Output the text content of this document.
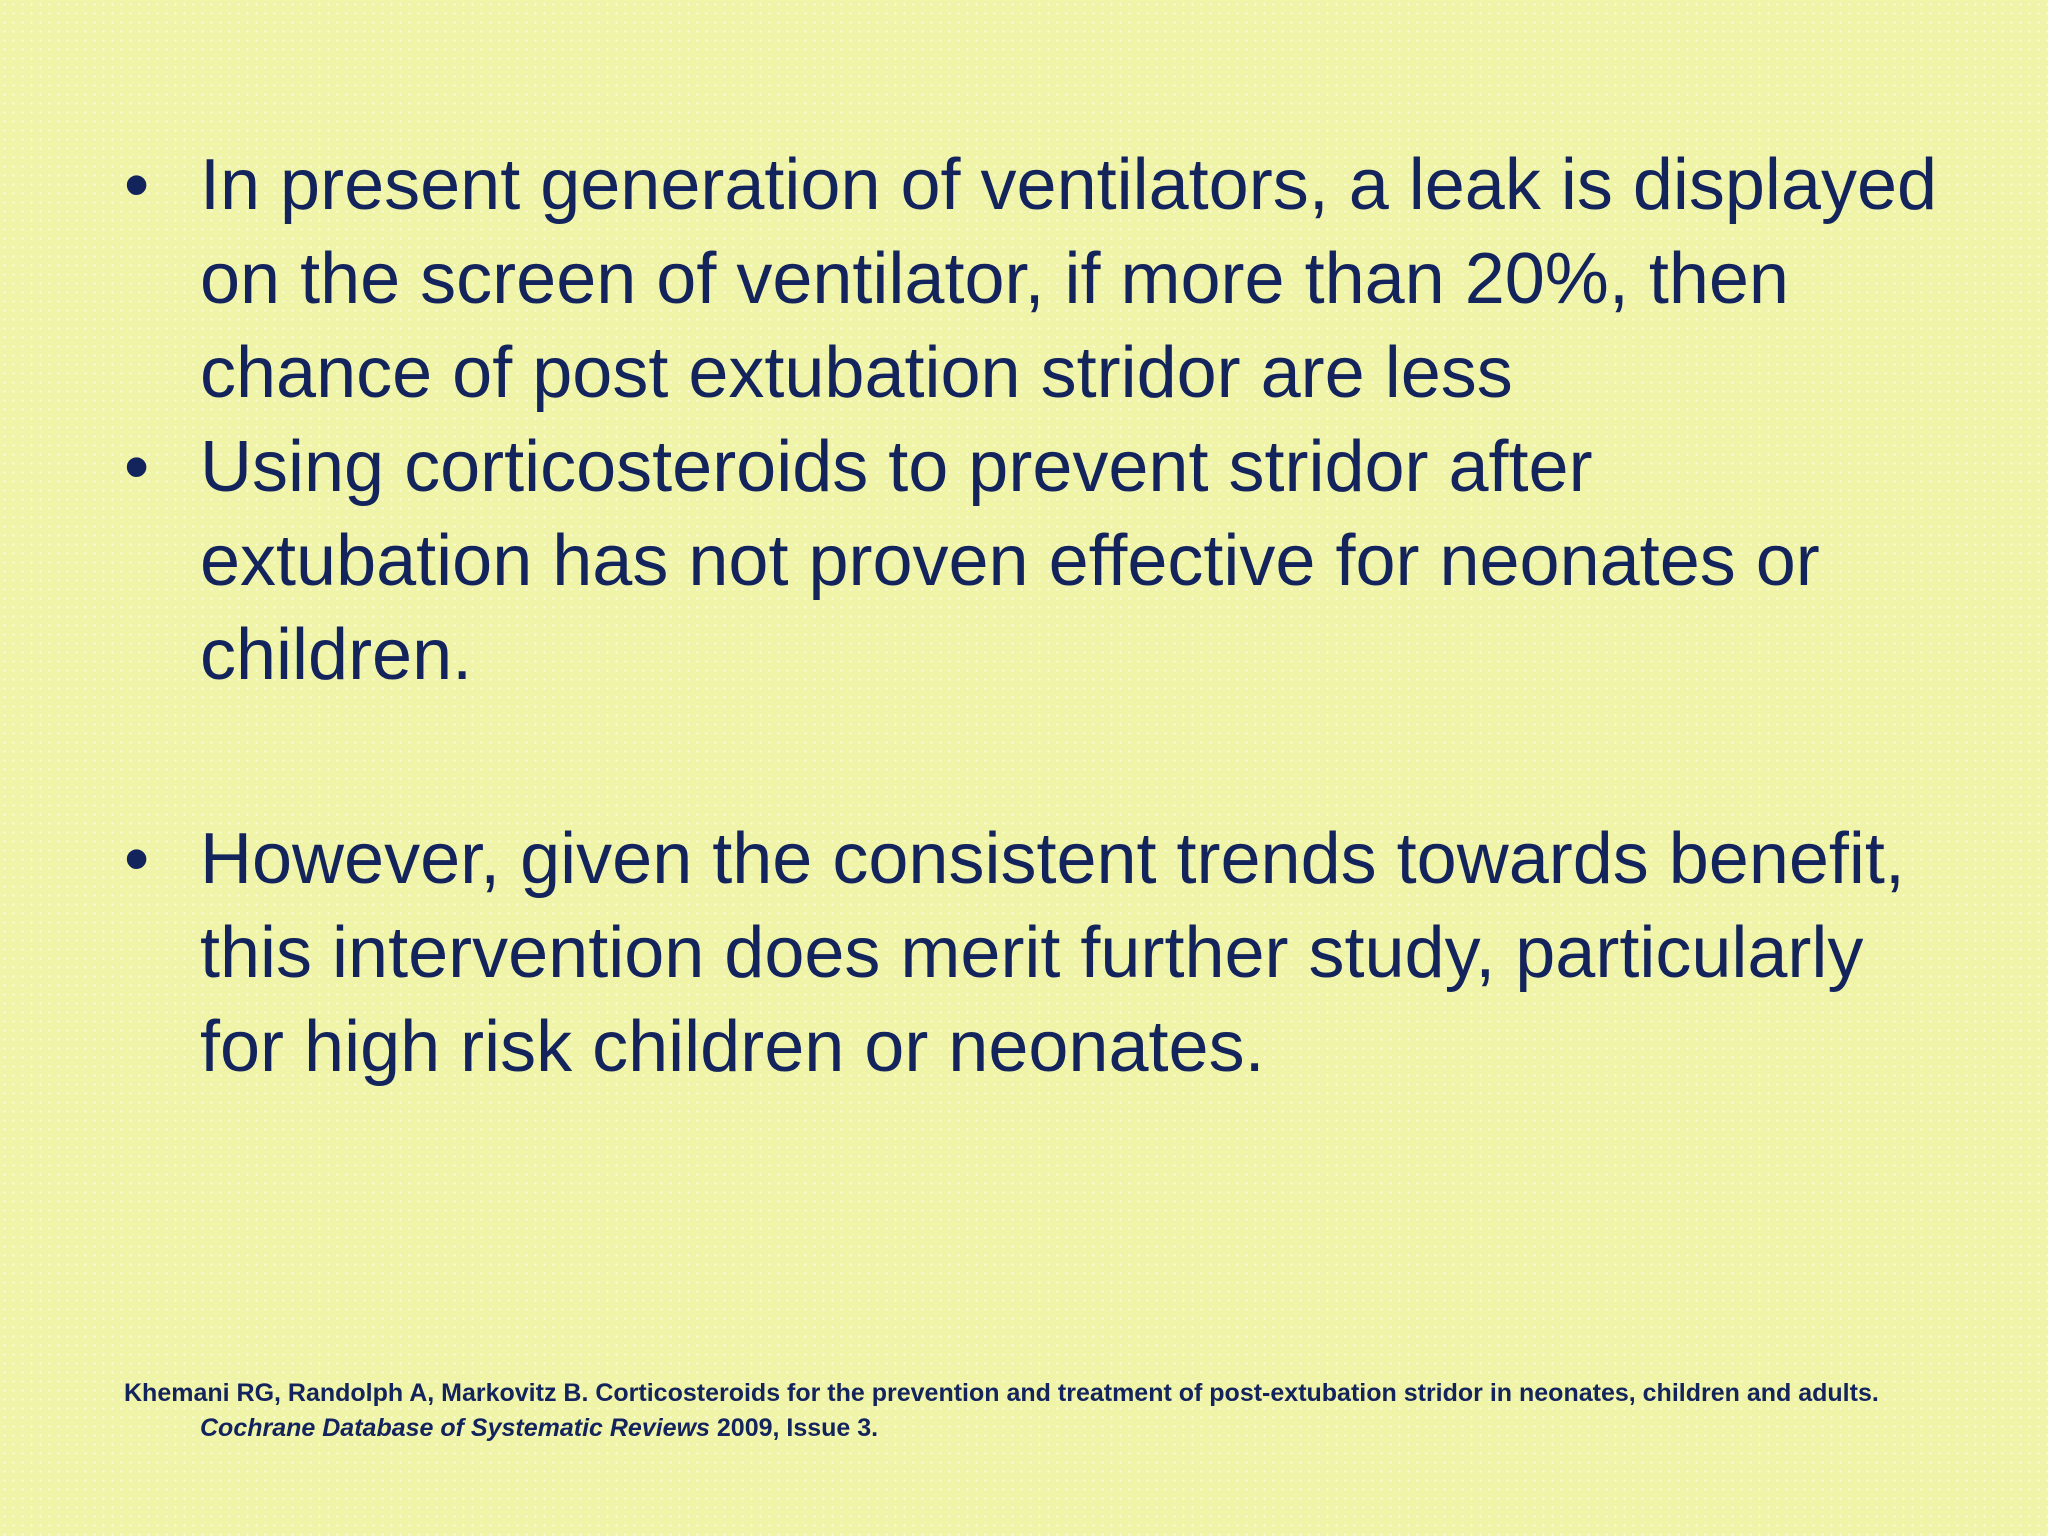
• In present generation of ventilators, a leak is displayed on the screen of ventilator, if more than 20%, then chance of post extubation stridor are less
• Using corticosteroids to prevent stridor after extubation has not proven effective for neonates or children.
• However, given the consistent trends towards benefit, this intervention does merit further study, particularly for high risk children or neonates.
Khemani RG, Randolph A, Markovitz B. Corticosteroids for the prevention and treatment of post-extubation stridor in neonates, children and adults. Cochrane Database of Systematic Reviews 2009, Issue 3.
